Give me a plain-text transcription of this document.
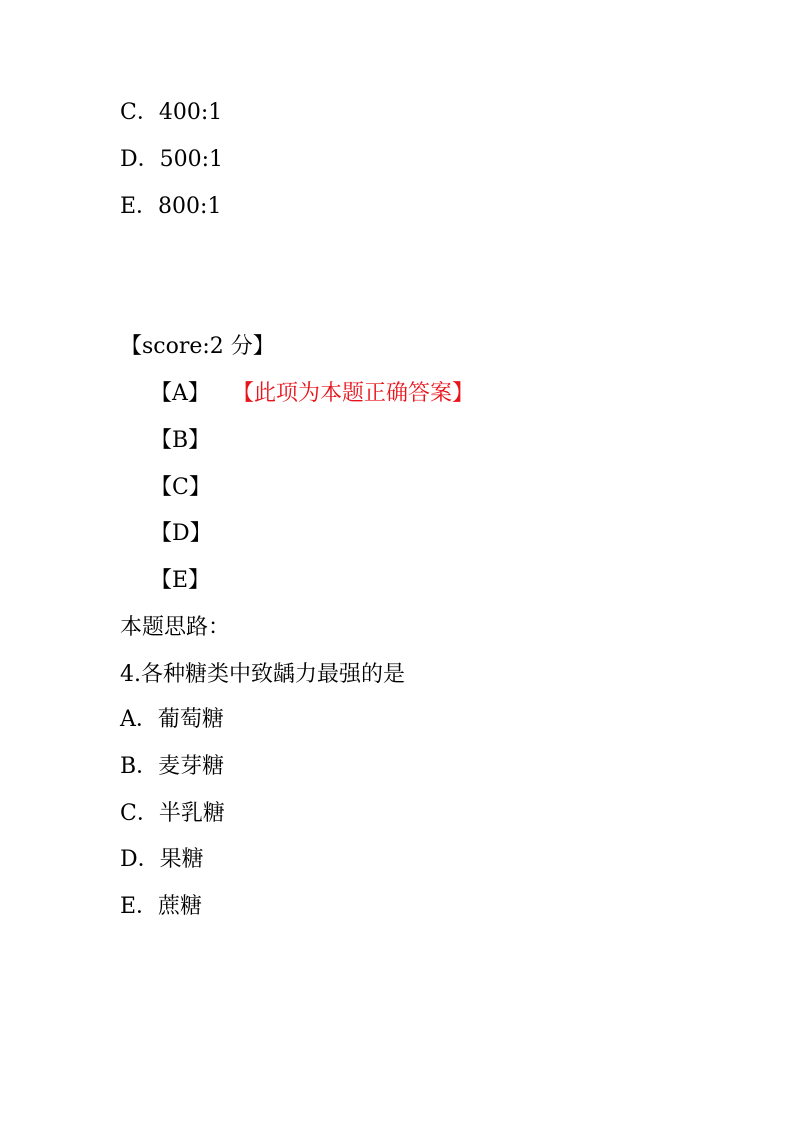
C．400:1
D．500:1
E．800:1
【score:2 分】
【A】 【此项为本题正确答案】
【B】
【C】
【D】
【E】
本题思路：
4.各种糖类中致龋力最强的是
A．葡萄糖
B．麦芽糖
C．半乳糖
D．果糖
E．蔗糖
